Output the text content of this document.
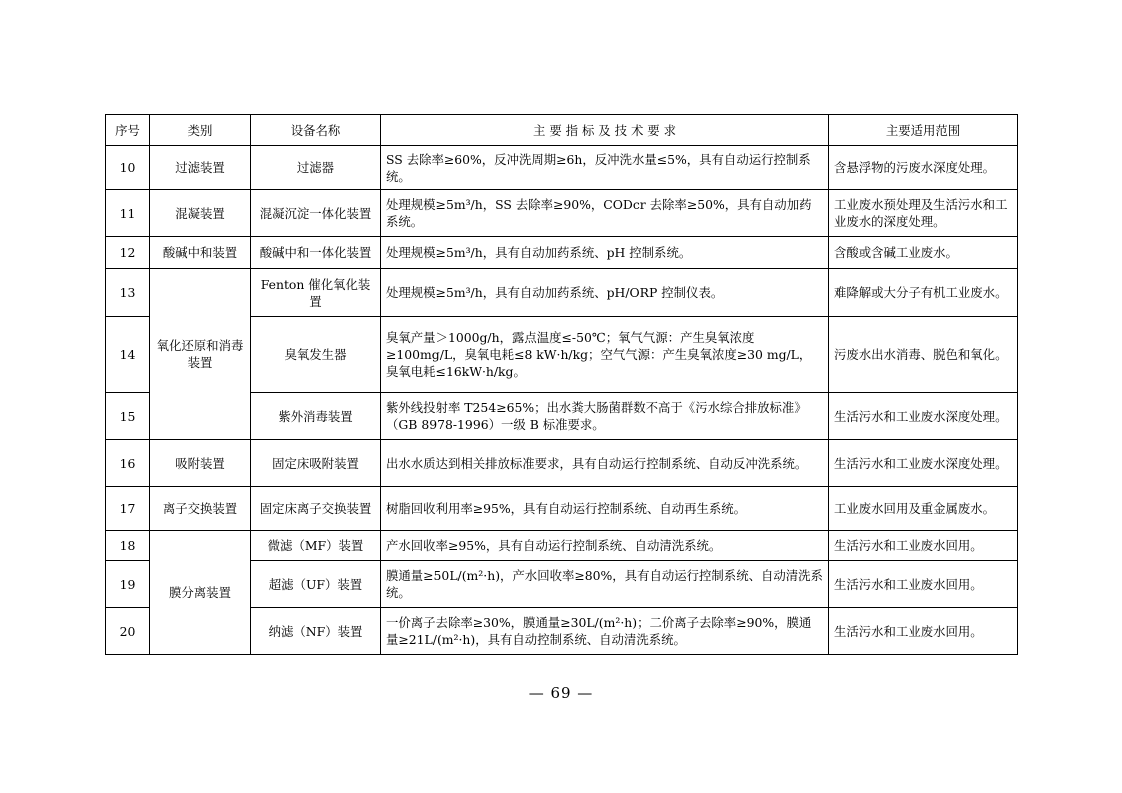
序号	类别	设备名称	主 要 指 标 及 技 术 要 求	主要适用范围
10	过滤装置	过滤器	SS 去除率≥60%，反冲洗周期≥6h，反冲洗水量≤5%，具有自动运行控制系统。	含悬浮物的污废水深度处理。
11	混凝装置	混凝沉淀一体化装置	处理规模≥5m³/h，SS 去除率≥90%，CODcr 去除率≥50%，具有自动加药系统。	工业废水预处理及生活污水和工业废水的深度处理。
12	酸碱中和装置	酸碱中和一体化装置	处理规模≥5m³/h，具有自动加药系统、pH 控制系统。	含酸或含碱工业废水。
13	氧化还原和消毒装置	Fenton 催化氧化装置	处理规模≥5m³/h，具有自动加药系统、pH/ORP 控制仪表。	难降解或大分子有机工业废水。
14		臭氧发生器	臭氧产量＞1000g/h，露点温度≤-50℃；氧气气源：产生臭氧浓度≥100mg/L，臭氧电耗≤8 kW·h/kg；空气气源：产生臭氧浓度≥30 mg/L，臭氧电耗≤16kW·h/kg。	污废水出水消毒、脱色和氧化。
15		紫外消毒装置	紫外线投射率 T254≥65%；出水粪大肠菌群数不高于《污水综合排放标准》（GB 8978-1996）一级 B 标准要求。	生活污水和工业废水深度处理。
16	吸附装置	固定床吸附装置	出水水质达到相关排放标准要求，具有自动运行控制系统、自动反冲洗系统。	生活污水和工业废水深度处理。
17	离子交换装置	固定床离子交换装置	树脂回收利用率≥95%，具有自动运行控制系统、自动再生系统。	工业废水回用及重金属废水。
18	膜分离装置	微滤（MF）装置	产水回收率≥95%，具有自动运行控制系统、自动清洗系统。	生活污水和工业废水回用。
19		超滤（UF）装置	膜通量≥50L/(m²·h)，产水回收率≥80%，具有自动运行控制系统、自动清洗系统。	生活污水和工业废水回用。
20		纳滤（NF）装置	一价离子去除率≥30%，膜通量≥30L/(m²·h)；二价离子去除率≥90%，膜通量≥21L/(m²·h)，具有自动控制系统、自动清洗系统。	生活污水和工业废水回用。
— 69 —
